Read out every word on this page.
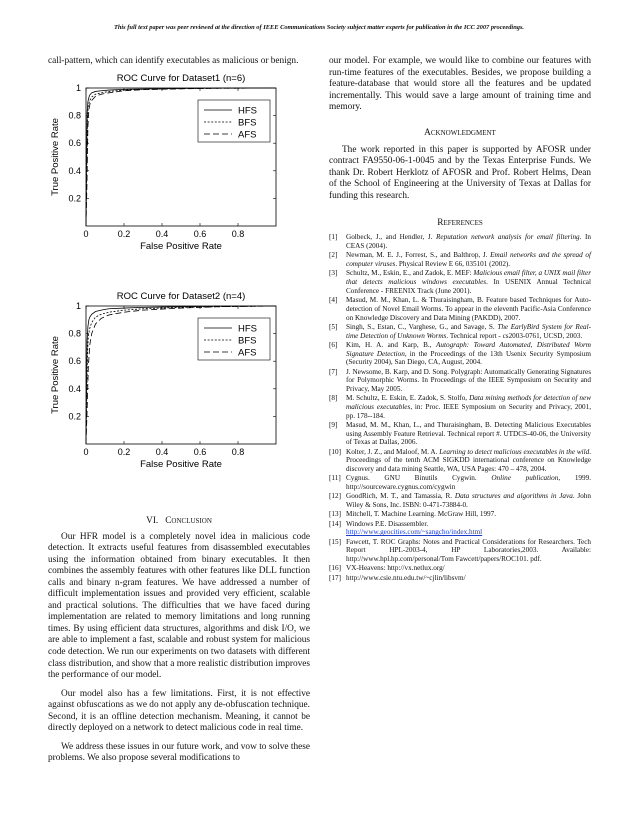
This full text paper was peer reviewed at the direction of IEEE Communications Society subject matter experts for publication in the ICC 2007 proceedings.

call-pattern, which can identify executables as malicious or benign.

ROC Curve for Dataset1 (n=6)
0	0.2	0.4	0.6	0.8
0.2
0.4
0.6
0.8
1
False Positive Rate
True Positive Rate
HFS
BFS
AFS
ROC Curve for Dataset2 (n=4)
0	0.2	0.4	0.6	0.8
0.2
0.4
0.6
0.8
1
False Positive Rate
True Positive Rate
HFS
BFS
AFS
VI. Conclusion

Our HFR model is a completely novel idea in malicious code detection. It extracts useful features from disassembled executables using the information obtained from binary executables. It then combines the assembly features with other features like DLL function calls and binary n-gram features. We have addressed a number of difficult implementation issues and provided very efficient, scalable and practical solutions. The difficulties that we have faced during implementation are related to memory limitations and long running times. By using efficient data structures, algorithms and disk I/O, we are able to implement a fast, scalable and robust system for malicious code detection. We run our experiments on two datasets with different class distribution, and show that a more realistic distribution improves the performance of our model.

Our model also has a few limitations. First, it is not effective against obfuscations as we do not apply any de-obfuscation technique. Second, it is an offline detection mechanism. Meaning, it cannot be directly deployed on a network to detect malicious code in real time.

We address these issues in our future work, and vow to solve these problems. We also propose several modifications to

our model. For example, we would like to combine our features with run-time features of the executables. Besides, we propose building a feature-database that would store all the features and be updated incrementally. This would save a large amount of training time and memory.

Acknowledgment

The work reported in this paper is supported by AFOSR under contract FA9550-06-1-0045 and by the Texas Enterprise Funds. We thank Dr. Robert Herklotz of AFOSR and Prof. Robert Helms, Dean of the School of Engineering at the University of Texas at Dallas for funding this research.

References
[1] Golbeck, J., and Hendler, J. Reputation network analysis for email filtering. In CEAS (2004).
[2] Newman, M. E. J., Forrest, S., and Balthrop, J. Email networks and the spread of computer viruses. Physical Review E 66, 035101 (2002).
[3] Schultz, M., Eskin, E., and Zadok, E. MEF: Malicious email filter, a UNIX mail filter that detects malicious windows executables. In USENIX Annual Technical Conference - FREENIX Track (June 2001).
[4] Masud, M. M., Khan, L. & Thuraisingham, B. Feature based Techniques for Auto-detection of Novel Email Worms. To appear in the eleventh Pacific-Asia Conference on Knowledge Discovery and Data Mining (PAKDD), 2007.
[5] Singh, S., Estan, C., Varghese, G., and Savage, S. The EarlyBird System for Real-time Detection of Unknown Worms. Technical report - cs2003-0761, UCSD, 2003.
[6] Kim, H. A. and Karp, B., Autograph: Toward Automated, Distributed Worm Signature Detection, in the Proceedings of the 13th Usenix Security Symposium (Security 2004), San Diego, CA, August, 2004.
[7] J. Newsome, B. Karp, and D. Song. Polygraph: Automatically Generating Signatures for Polymorphic Worms. In Proceedings of the IEEE Symposium on Security and Privacy, May 2005.
[8] M. Schultz, E. Eskin, E. Zadok, S. Stolfo, Data mining methods for detection of new malicious executables, in: Proc. IEEE Symposium on Security and Privacy, 2001, pp. 178--184.
[9] Masud, M. M., Khan, L., and Thuraisingham, B. Detecting Malicious Executables using Assembly Feature Retrieval. Technical report #. UTDCS-40-06, the University of Texas at Dallas, 2006.
[10] Kolter, J. Z., and Maloof, M. A. Learning to detect malicious executables in the wild. Proceedings of the tenth ACM SIGKDD international conference on Knowledge discovery and data mining Seattle, WA, USA Pages: 470 – 478, 2004.
[11] Cygnus. GNU Binutils Cygwin. Online publication, 1999. http://sourceware.cygnus.com/cygwin
[12] GoodRich, M. T., and Tamassia, R. Data structures and algorithms in Java. John Wiley & Sons, Inc. ISBN: 0-471-73884-0.
[13] Mitchell, T. Machine Learning. McGraw Hill, 1997.
[14] Windows P.E. Disassembler.
http://www.geocities.com/~sangcho/index.html
[15] Fawcett, T. ROC Graphs: Notes and Practical Considerations for Researchers. Tech Report HPL-2003-4, HP Laboratories,2003. Available: http://www.hpl.hp.com/personal/Tom Fawcett/papers/ROC101. pdf.
[16] VX-Heavens: http://vx.netlux.org/
[17] http://www.csie.ntu.edu.tw/~cjlin/libsvm/
